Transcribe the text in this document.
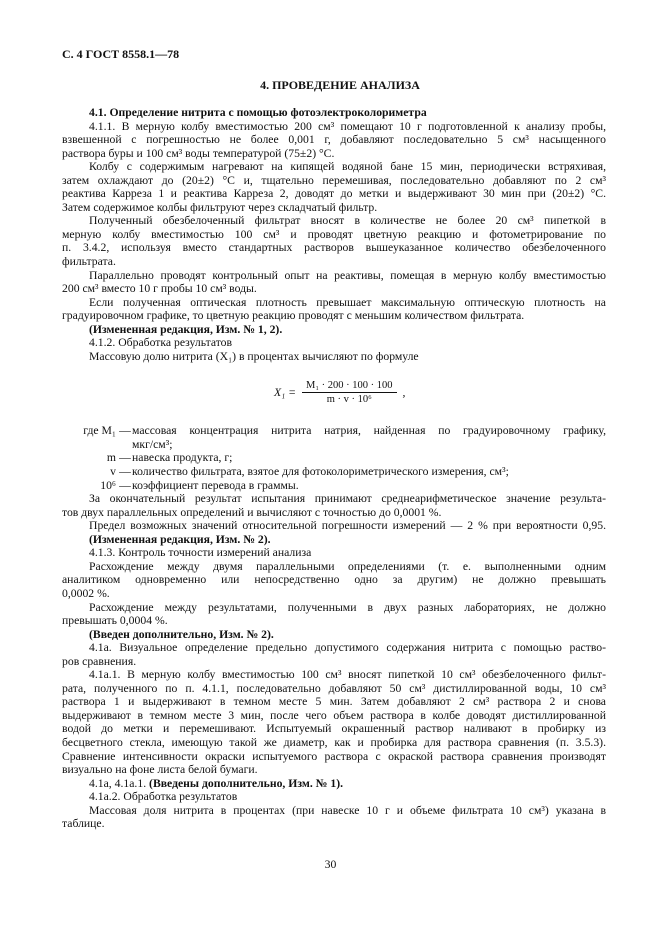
С. 4 ГОСТ 8558.1—78
4. ПРОВЕДЕНИЕ АНАЛИЗА
4.1. Определение нитрита с помощью фотоэлектроколориметра
4.1.1. В мерную колбу вместимостью 200 см³ помещают 10 г подготовленной к анализу пробы,
взвешенной с погрешностью не более 0,001 г, добавляют последовательно 5 см³ насыщенного
раствора буры и 100 см³ воды температурой (75±2) °С.
Колбу с содержимым нагревают на кипящей водяной бане 15 мин, периодически встряхивая,
затем охлаждают до (20±2) °С и, тщательно перемешивая, последовательно добавляют по 2 см³
реактива Карреза 1 и реактива Карреза 2, доводят до метки и выдерживают 30 мин при (20±2) °С.
Затем содержимое колбы фильтруют через складчатый фильтр.
Полученный обезбелоченный фильтрат вносят в количестве не более 20 см³ пипеткой в
мерную колбу вместимостью 100 см³ и проводят цветную реакцию и фотометрирование по
п. 3.4.2, используя вместо стандартных растворов вышеуказанное количество обезбелоченного
фильтрата.
Параллельно проводят контрольный опыт на реактивы, помещая в мерную колбу вместимостью
200 см³ вместо 10 г пробы 10 см³ воды.
Если полученная оптическая плотность превышает максимальную оптическую плотность на
градуировочном графике, то цветную реакцию проводят с меньшим количеством фильтрата.
(Измененная редакция, Изм. № 1, 2).
4.1.2. Обработка результатов
Массовую долю нитрита (X₁) в процентах вычисляют по формуле
$X_1 = \frac{\text{M₁ · 200 · 100 · 100}}{\text{m · v · 10⁶}}$ ,
где M₁ — массовая концентрация нитрита натрия, найденная по градуировочному графику,
мкг/см³;
m — навеска продукта, г;
v — количество фильтрата, взятое для фотоколориметрического измерения, см³;
10⁶ — коэффициент перевода в граммы.
За окончательный результат испытания принимают среднеарифметическое значение результа-
тов двух параллельных определений и вычисляют с точностью до 0,0001 %.
Предел возможных значений относительной погрешности измерений — 2 % при вероятности 0,95.
(Измененная редакция, Изм. № 2).
4.1.3. Контроль точности измерений анализа
Расхождение между двумя параллельными определениями (т. е. выполненными одним
аналитиком одновременно или непосредственно одно за другим) не должно превышать
0,0002 %.
Расхождение между результатами, полученными в двух разных лабораториях, не должно
превышать 0,0004 %.
(Введен дополнительно, Изм. № 2).
4.1а. Визуальное определение предельно допустимого содержания нитрита с помощью раство-
ров сравнения.
4.1а.1. В мерную колбу вместимостью 100 см³ вносят пипеткой 10 см³ обезбелоченного фильт-
рата, полученного по п. 4.1.1, последовательно добавляют 50 см³ дистиллированной воды, 10 см³
раствора 1 и выдерживают в темном месте 5 мин. Затем добавляют 2 см³ раствора 2 и снова
выдерживают в темном месте 3 мин, после чего объем раствора в колбе доводят дистиллированной
водой до метки и перемешивают. Испытуемый окрашенный раствор наливают в пробирку из
бесцветного стекла, имеющую такой же диаметр, как и пробирка для раствора сравнения (п. 3.5.3).
Сравнение интенсивности окраски испытуемого раствора с окраской раствора сравнения производят
визуально на фоне листа белой бумаги.
4.1а, 4.1а.1. (Введены дополнительно, Изм. № 1).
4.1а.2. Обработка результатов
Массовая доля нитрита в процентах (при навеске 10 г и объеме фильтрата 10 см³) указана в
таблице.
30
